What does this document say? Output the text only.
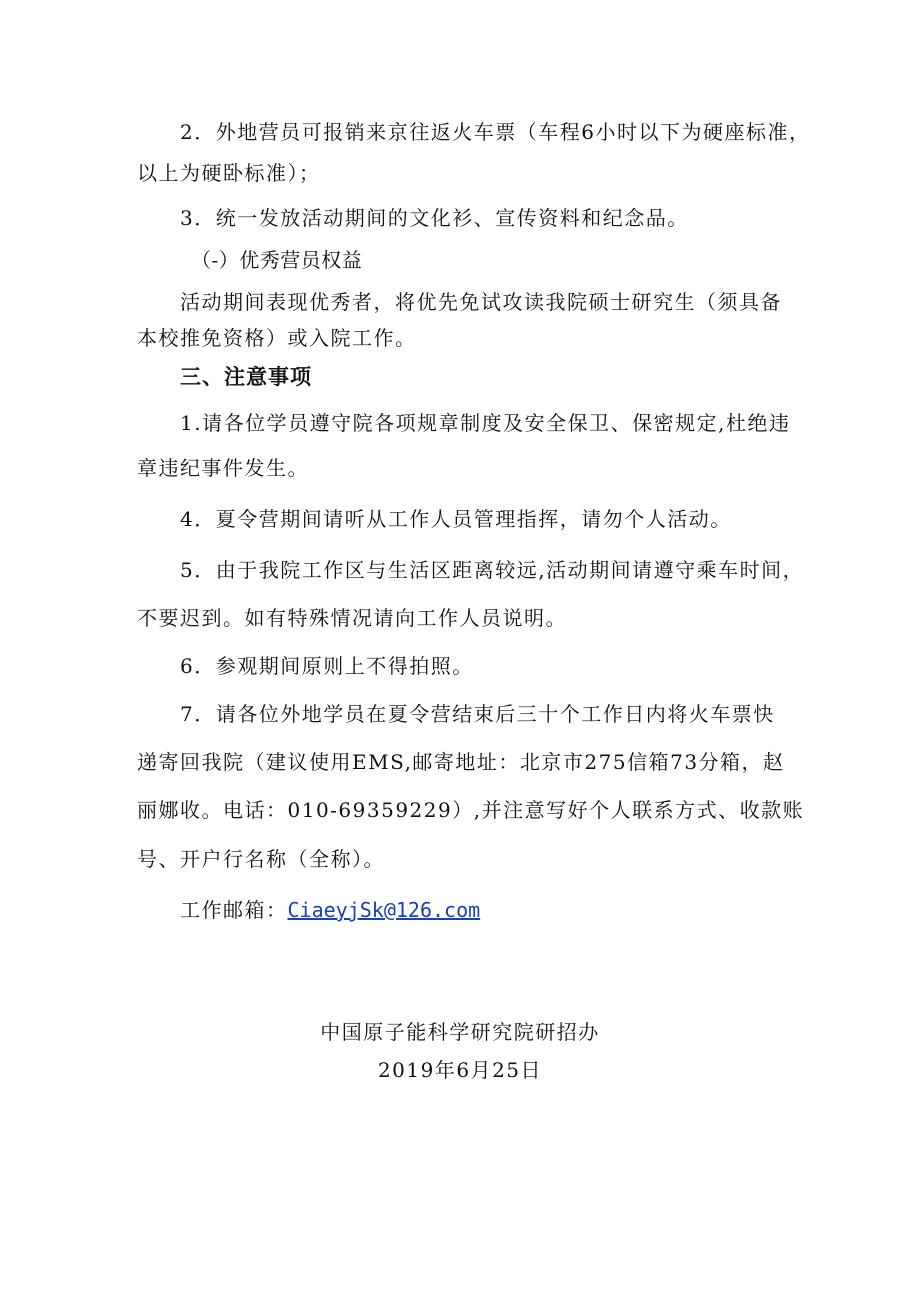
2．外地营员可报销来京往返火车票（车程6小时以下为硬座标准，
以上为硬卧标准）；
3．统一发放活动期间的文化衫、宣传资料和纪念品。
（-）优秀营员权益
活动期间表现优秀者，将优先免试攻读我院硕士研究生（须具备
本校推免资格）或入院工作。
三、注意事项
1.请各位学员遵守院各项规章制度及安全保卫、保密规定,杜绝违
章违纪事件发生。
4．夏令营期间请听从工作人员管理指挥，请勿个人活动。
5．由于我院工作区与生活区距离较远,活动期间请遵守乘车时间，
不要迟到。如有特殊情况请向工作人员说明。
6．参观期间原则上不得拍照。
7．请各位外地学员在夏令营结束后三十个工作日内将火车票快
递寄回我院（建议使用EMS,邮寄地址：北京市275信箱73分箱，赵
丽娜收。电话：010-69359229）,并注意写好个人联系方式、收款账
号、开户行名称（全称）。
工作邮箱：CiaeyjSk@126.com
中国原子能科学研究院研招办
2019年6月25日
